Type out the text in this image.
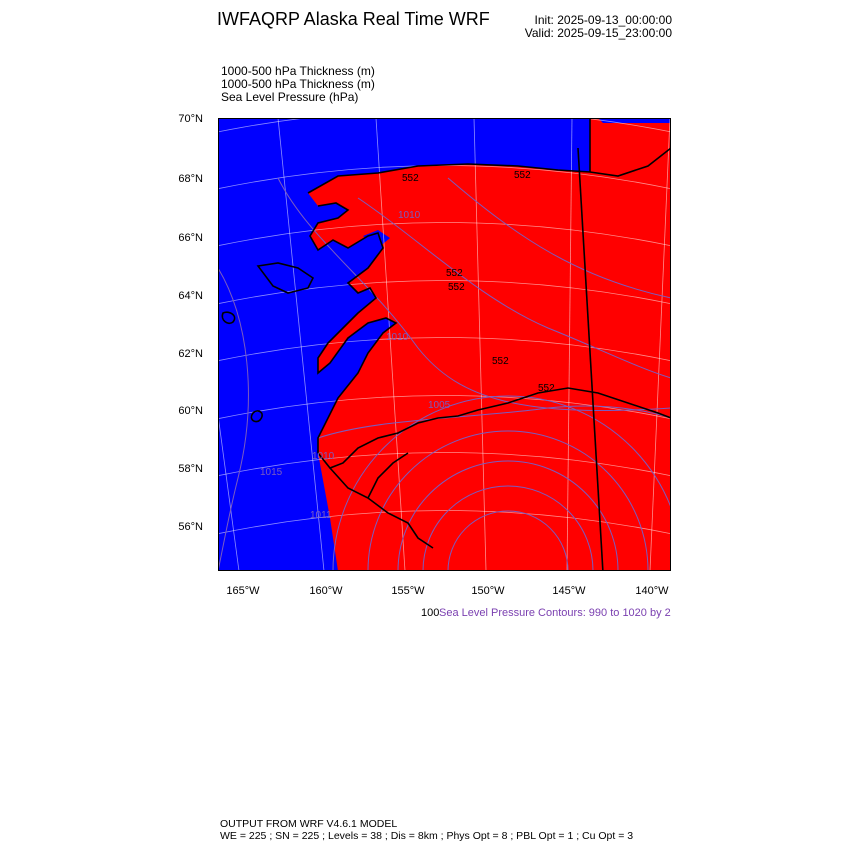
IWFAQRP Alaska Real Time WRF	Init: 2025-09-13_00:00:00
Valid: 2025-09-15_23:00:00
1000-500 hPa Thickness (m)
1000-500 hPa Thickness (m)
Sea Level Pressure (hPa)
552
552
552
552
552
552
1015
1011
1010
1010
1005
1010
70°N
68°N
66°N
64°N
62°N
60°N
58°N
56°N
165°W	160°W	155°W	150°W	145°W	140°W
100 Sea Level Pressure Contours: 990 to 1020 by 2
OUTPUT FROM WRF V4.6.1 MODEL
WE = 225 ; SN = 225 ; Levels = 38 ; Dis = 8km ; Phys Opt = 8 ; PBL Opt = 1 ; Cu Opt = 3
